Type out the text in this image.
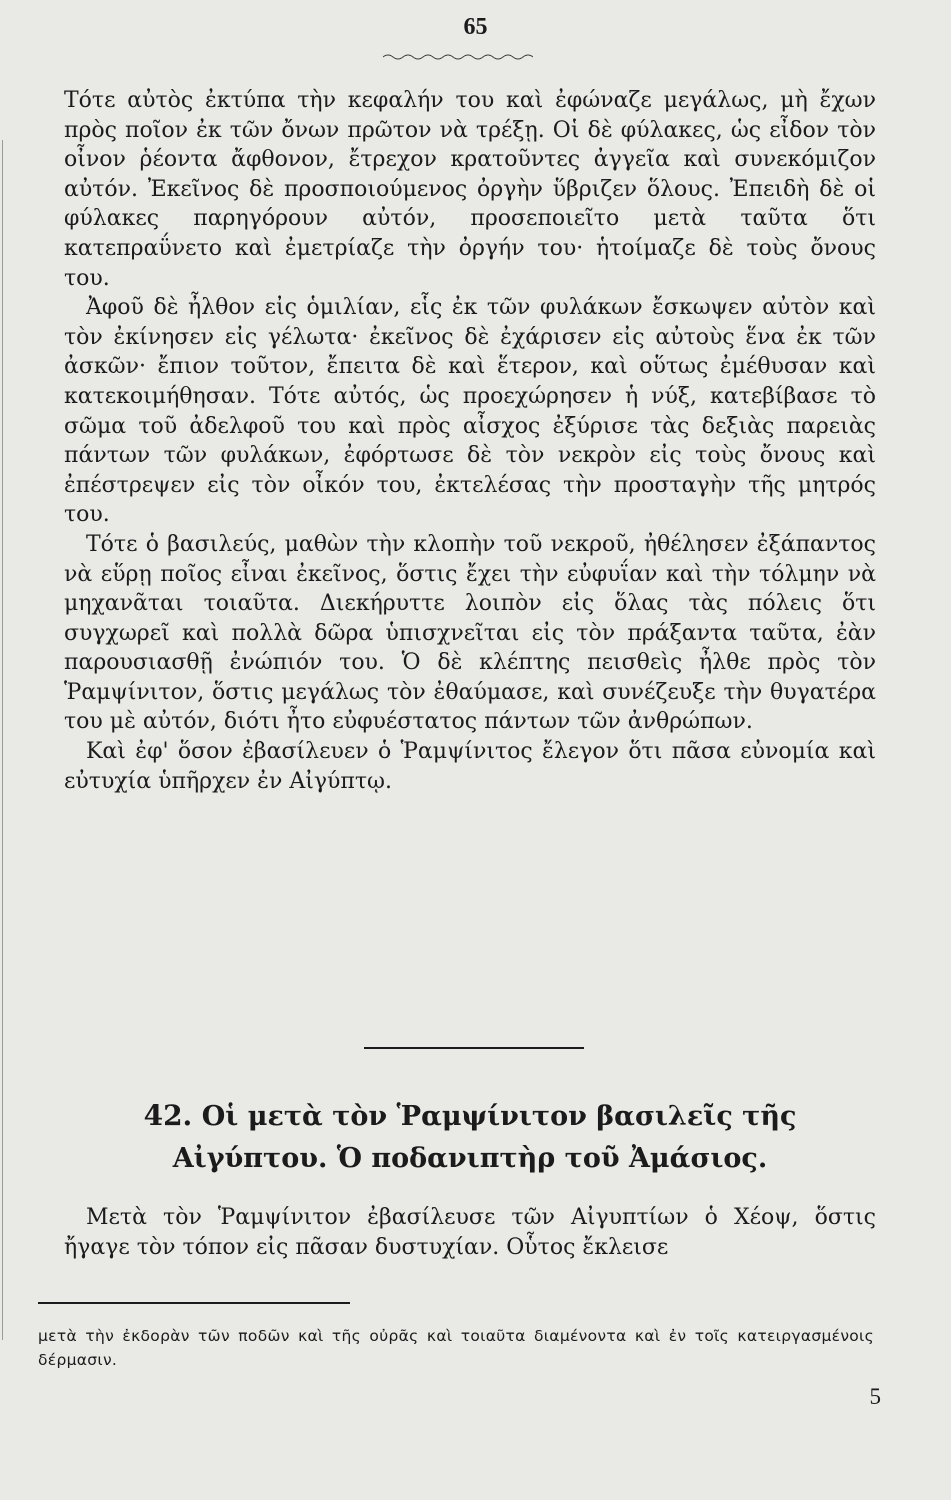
65

Τότε αὐτὸς ἐκτύπα τὴν κεφαλήν του καὶ ἐφώναζε μεγάλως, μὴ ἔχων πρὸς ποῖον ἐκ τῶν ὄνων πρῶτον νὰ τρέξῃ. Οἱ δὲ φύλακες, ὡς εἶδον τὸν οἶνον ῥέοντα ἄφθονον, ἔτρεχον κρατοῦντες ἀγγεῖα καὶ συνεκόμιζον αὐτόν. Ἐκεῖνος δὲ προσποιούμενος ὀργὴν ὕβριζεν ὅλους. Ἐπειδὴ δὲ οἱ φύλακες παρηγόρουν αὐτόν, προσεποιεῖτο μετὰ ταῦτα ὅτι κατεπραΰνετο καὶ ἐμετρίαζε τὴν ὀργήν του· ἡτοίμαζε δὲ τοὺς ὄνους του.

Ἀφοῦ δὲ ἦλθον εἰς ὁμιλίαν, εἷς ἐκ τῶν φυλάκων ἔσκωψεν αὐτὸν καὶ τὸν ἐκίνησεν εἰς γέλωτα· ἐκεῖνος δὲ ἐχάρισεν εἰς αὐτοὺς ἕνα ἐκ τῶν ἀσκῶν· ἔπιον τοῦτον, ἔπειτα δὲ καὶ ἕτερον, καὶ οὕτως ἐμέθυσαν καὶ κατεκοιμήθησαν. Τότε αὐτός, ὡς προεχώρησεν ἡ νύξ, κατεβίβασε τὸ σῶμα τοῦ ἀδελφοῦ του καὶ πρὸς αἶσχος ἐξύρισε τὰς δεξιὰς παρειὰς πάντων τῶν φυλάκων, ἐφόρτωσε δὲ τὸν νεκρὸν εἰς τοὺς ὄνους καὶ ἐπέστρεψεν εἰς τὸν οἶκόν του, ἐκτελέσας τὴν προσταγὴν τῆς μητρός του.

Τότε ὁ βασιλεύς, μαθὼν τὴν κλοπὴν τοῦ νεκροῦ, ἠθέλησεν ἐξάπαντος νὰ εὕρῃ ποῖος εἶναι ἐκεῖνος, ὅστις ἔχει τὴν εὐφυΐαν καὶ τὴν τόλμην νὰ μηχανᾶται τοιαῦτα. Διεκήρυττε λοιπὸν εἰς ὅλας τὰς πόλεις ὅτι συγχωρεῖ καὶ πολλὰ δῶρα ὑπισχνεῖται εἰς τὸν πράξαντα ταῦτα, ἐὰν παρουσιασθῇ ἐνώπιόν του. Ὁ δὲ κλέπτης πεισθεὶς ἦλθε πρὸς τὸν Ῥαμψίνιτον, ὅστις μεγάλως τὸν ἐθαύμασε, καὶ συνέζευξε τὴν θυγατέρα του μὲ αὐτόν, διότι ἦτο εὐφυέστατος πάντων τῶν ἀνθρώπων.

Καὶ ἐφ' ὅσον ἐβασίλευεν ὁ Ῥαμψίνιτος ἔλεγον ὅτι πᾶσα εὐνομία καὶ εὐτυχία ὑπῆρχεν ἐν Αἰγύπτῳ.

42. Οἱ μετὰ τὸν Ῥαμψίνιτον βασιλεῖς τῆς
Αἰγύπτου. Ὁ ποδανιπτὴρ τοῦ Ἀμάσιος.

Μετὰ τὸν Ῥαμψίνιτον ἐβασίλευσε τῶν Αἰγυπτίων ὁ Χέοψ, ὅστις ἤγαγε τὸν τόπον εἰς πᾶσαν δυστυχίαν. Οὗτος ἔκλεισε

μετὰ τὴν ἐκδορὰν τῶν ποδῶν καὶ τῆς οὐρᾶς καὶ τοιαῦτα διαμένοντα καὶ ἐν τοῖς κατειργασμένοις δέρμασιν.

5
